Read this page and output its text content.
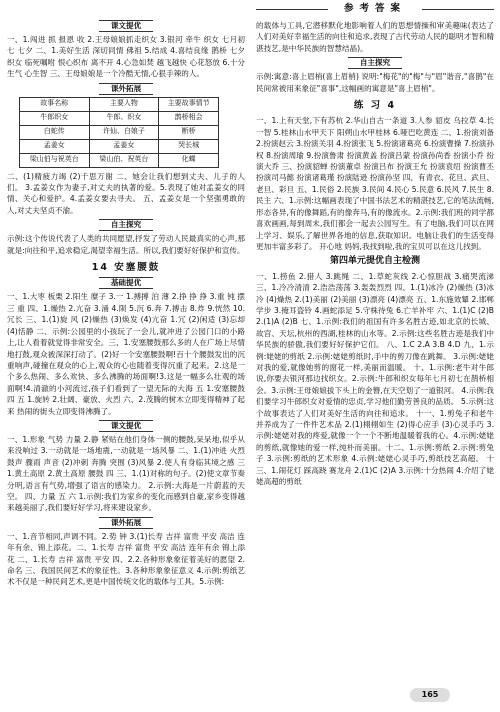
参考答案
课文提优

一、1.闯进 抓 报恩 收 2.王母娘娘抓走织女 3.银河 牵牛 织女 七月初七 七夕 二、1.美好生活 深切同情 佛祖 5.结成 4.喜结良缘 鹊桥 七夕 织女 临死嘱咐 恨心织布 离不开 4.心急如焚 越飞越快 心花怒放 6.十分生气 心生智 三、王母娘娘是一个冷酷无情,心狠手辣的人。

课外拓展
故事名称	主要人物	主要故事情节
牛郎织女	牛郎、织女	鹊桥相会
白蛇传	许仙、白娘子	断桥
孟姜女	孟姜女	哭长城
梁山伯与祝英台	梁山伯、祝英台	化蝶

二、(1)精疲力竭 (2)千思万谢 二、她会让我们想到丈夫、儿子的人们。 3.孟姜女作为妻子,对丈夫的执著的爱。5.表现了她对孟姜女的同情、关心和爱护。4.孟姜女要去寻夫。 五、孟姜女是一个坚强勇敢的人,对丈夫坚贞不渝。

自主探究

示例:这个传说代表了人类的共同愿望,抒发了劳动人民最真实的心声,那就是:向往和平,追求稳定,渴望幸福生活。所以,我们要好好保护和宣传。

14 安塞腰鼓
基础提优

一、1.大枣 板栗 2.阳生 糜子 3.一 1.搏搏 泊 薄 2.挣 挣 挣 3.重 钝 摆 三 重 四、1.燥热 2.亢奋 3.涌 4.陨 5.沉 6.奔 7.搏击 8.炸 9.恍然 10.冗长 三、1.(1)旋 风 (2)燥热 (3)焕发 (4)亢奋 1.冗 (2)闲适 (3)忘却 (4)恬静 二、示例:公园里的小孩玩了一会儿,就冲进了公园门口的小路上,让人看着就觉得非常安全。三、1.安塞腰鼓那么多的人在广场上尽情地打鼓,观众被深深打动了。(2)好一个安塞腰鼓啊!百十个腰鼓发出的沉重响声,碰撞在观众的心上,观众的心也随着变得沉重了起来。2.这是一个多么热闹、多么欢快、多么沸腾的场面啊!3.这是一幅多么壮观的场面啊!4.清澈的小河流过,孩子们看到了一望无际的大海 五 1.安塞腰鼓 四 五 1.旋转 2.壮阔、豪放、火烈 六、2.茂腾的树木立即变得精神了起来 热闹的街头立即变得沸腾了。

课文提优

一、1.形象 气势 力量 2.静 紧贴在他们身体一侧的腰鼓,呆呆地,似乎从来没响过 3.一动就是一场地震,一动就是一场风暴 二、1.(1)冲进 火烈 鼓声 骤雨 声音 (2)冲刺 奔腾 突围 (3)风暴 2.使人有身临其境之感 三 1.黄土高原 2.黄土高原 腰鼓 四 三、1.(1)对称的句子。(2)使文章节奏分明,语言有气势,增强了语言的感染力。 2.示例:大海是一片蔚蓝的天空。 四、力量 五 六 1.示例:我们为家乡的变化而感到自豪,家乡变得越来越美丽了,我们要好好学习,将来建设家乡。

课外拓展

一、1.音节相同,声调不同。2.势 钟 3.(1)长寿 吉祥 富贵 平安 高洁 连年有余、锦上添花。二、1.长寿 吉祥 富贵 平安 高洁 连年有余 锦上添花 二、1.长寿 吉祥 富贵 平安 四、2.2.各种形象象征着美好的愿望 2.命名 三、我国民间艺术的象征性。3.各种形象象征意义 4.示例:剪纸艺术不仅是一种民间艺术,更是中国传统文化的载体与工具。5.示例:

的载体与工具,它潜移默化地影响着人们的思想情操和审美趣味(表达了人们对美好幸福生活的向往和追求,表现了古代劳动人民的聪明才智和精湛技艺,是中华民族的智慧结晶)。

自主探究

示例:寓意:喜上眉梢(喜上眉梢) 说明:"梅花"的"梅"与"眉"谐音,"喜鹊"在民间常被用来象征"喜事",这幅画的寓意是"喜上眉梢"。

练 习 4

一、1.上有天堂,下有苏杭 2.华山自古一条道 3.人参 貂皮 乌拉草 4.长一智 5.桂林山水甲天下 阳朔山水甲桂林 6.哑巴吃黄连 二、1.扮演刘备 2.扮演赵云 3.扮演关羽 4.扮演张飞 5.扮演诸葛亮 6.扮演曹操 7.扮演孙权 8.扮演周瑜 9.扮演鲁肃 扮演黄盖 扮演吕蒙 扮演孙尚香 扮演小乔 扮演大乔 三、扮演貂蝉 扮演董卓 扮演吕布 扮演王允 扮演袁绍 扮演曹丕 扮演司马懿 扮演诸葛瑾 扮演陆逊 扮演孙坚 四、有青衣、花旦、武旦、老旦、彩旦 五、1.民俗 2.民族 3.民间 4.民心 5.民意 6.民风 7.民生 8.民主 六、1.示例:这幅画表现了中国书法艺术的精湛技艺,它的笔法流畅,形态各异,有的像舞蹈,有的像奔马,有的像流水。2.示例:我们班的同学都喜欢画画,每到周末,我们都会一起去公园写生。有了电脑,我们可以在网上学习、娱乐,了解世界各地的信息,获取知识。电脑让我们的生活变得更加丰富多彩了。 开心地 妈妈,我找到啦,我的宝贝可以在这儿找到。

第四单元提优自主检测

一、1.捞鱼 2.猎人 3.跳绳 二、1.草蛇灰线 2.心惊胆战 3.痛哭流涕 三、1.冷冷清清 2.浩浩荡荡 3.轰轰烈烈 四、1.(1)冰冷 (2)燥热 (3)冰冷 (4)燥热 2.(1)美丽 (2)美丽 (3)漂亮 (4)漂亮 五、1.东施效颦 2.邯郸学步 3.掩耳盗铃 4.画蛇添足 5.守株待兔 6.亡羊补牢 六、1.(1)C (2)B 2.(1)A (2)B 七、1.示例:我们的祖国有许多名胜古迹,如北京的长城、故宫、天坛,杭州的西湖,桂林的山水等。2.示例:这些名胜古迹是我们中华民族的骄傲,我们要好好保护它们。 八、1.C 2.A 3.B 4.D 九、1.示例:姥姥的剪纸 2.示例:姥姥剪纸时,手中的剪刀像在跳舞。 3.示例:姥姥对我的爱,就像她剪的窗花一样,美丽而温暖。 十、1.示例:老牛对牛郎说,你要去银河那边找织女。2.示例:牛郎和织女每年七月初七在鹊桥相会。3.示例:王母娘娘拔下头上的金簪,在天空划了一道银河。 4.示例:我们要学习牛郎织女对爱情的忠贞,学习他们勤劳善良的品质。 5.示例:这个故事表达了人们对美好生活的向往和追求。 十一、1.剪兔子和老牛 并养成为了一件件艺术品 2.(1)栩栩如生 (2)得心应手 (3)心灵手巧 3.示例:姥姥对我的疼爱,就像一个一个不断地温暖着我的心。4.示例:姥姥的剪纸,就像她的爱一样,纯朴而美丽。十二、1.示例:剪纸 2.示例:剪兔子 3.示例:剪纸的艺术形象 4.示例:姥姥心灵手巧,剪纸技艺高超。 十三、1.闹花灯 踩高跷 赛龙舟 2.(1)C (2)A 3.示例:十分热闹 4.介绍了姥姥高超的剪纸

165
